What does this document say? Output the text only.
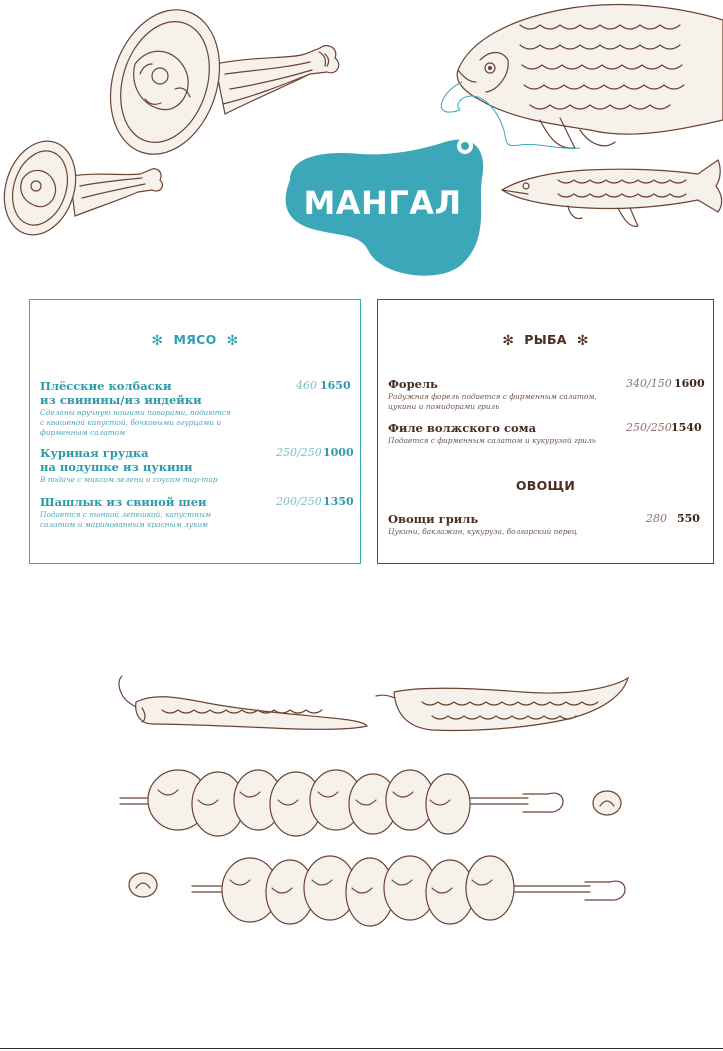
МАНГАЛ
✻ МЯСО ✻
Плёсские колбаски
из свинины/из индейки
Сделаны вручную нашими поварами, подаются
с квашеной капустой, бочковыми огурцами и
фирменным салатом
460 1650
Куриная грудка
на подушке из цукини
В подаче с миксом зелени и соусом тар-тар
250/250 1000
Шашлык из свиной шеи
Подается с тонкой лепешкой, капустным
салатом и маринованным красным луком
200/250 1350
✻ РЫБА ✻
Форель
Радужная форель подается с фирменным салатом,
цукини и помидорами гриль
340/150 1600
Филе волжского сома
Подается с фирменным салатом и кукурузой гриль
250/250 1540
ОВОЩИ
Овощи гриль
Цукини, баклажан, кукуруза, болгарский перец
280 550
